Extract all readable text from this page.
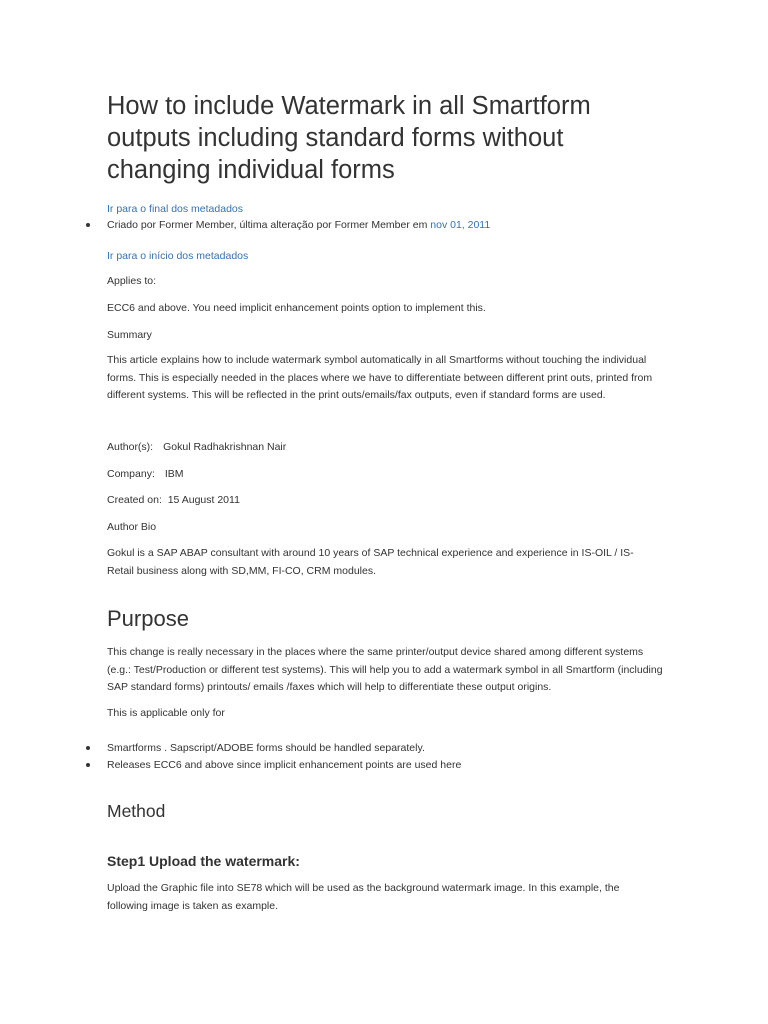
How to include Watermark in all Smartform outputs including standard forms without changing individual forms
Ir para o final dos metadados
Criado por Former Member, última alteração por Former Member em nov 01, 2011
Ir para o início dos metadados
Applies to:
ECC6 and above. You need implicit enhancement points option to implement this.
Summary
This article explains how to include watermark symbol automatically in all Smartforms without touching the individual forms. This is especially needed in the places where we have to differentiate between different print outs, printed from different systems. This will be reflected in the print outs/emails/fax outputs, even if standard forms are used.
Author(s): Gokul Radhakrishnan Nair
Company: IBM
Created on: 15 August 2011
Author Bio
Gokul is a SAP ABAP consultant with around 10 years of SAP technical experience and experience in IS-OIL / IS-Retail business along with SD,MM, FI-CO, CRM modules.
Purpose
This change is really necessary in the places where the same printer/output device shared among different systems (e.g.: Test/Production or different test systems). This will help you to add a watermark symbol in all Smartform (including SAP standard forms) printouts/ emails /faxes which will help to differentiate these output origins.
This is applicable only for
Smartforms . Sapscript/ADOBE forms should be handled separately.
Releases ECC6 and above since implicit enhancement points are used here
Method
Step1 Upload the watermark:
Upload the Graphic file into SE78 which will be used as the background watermark image. In this example, the following image is taken as example.
